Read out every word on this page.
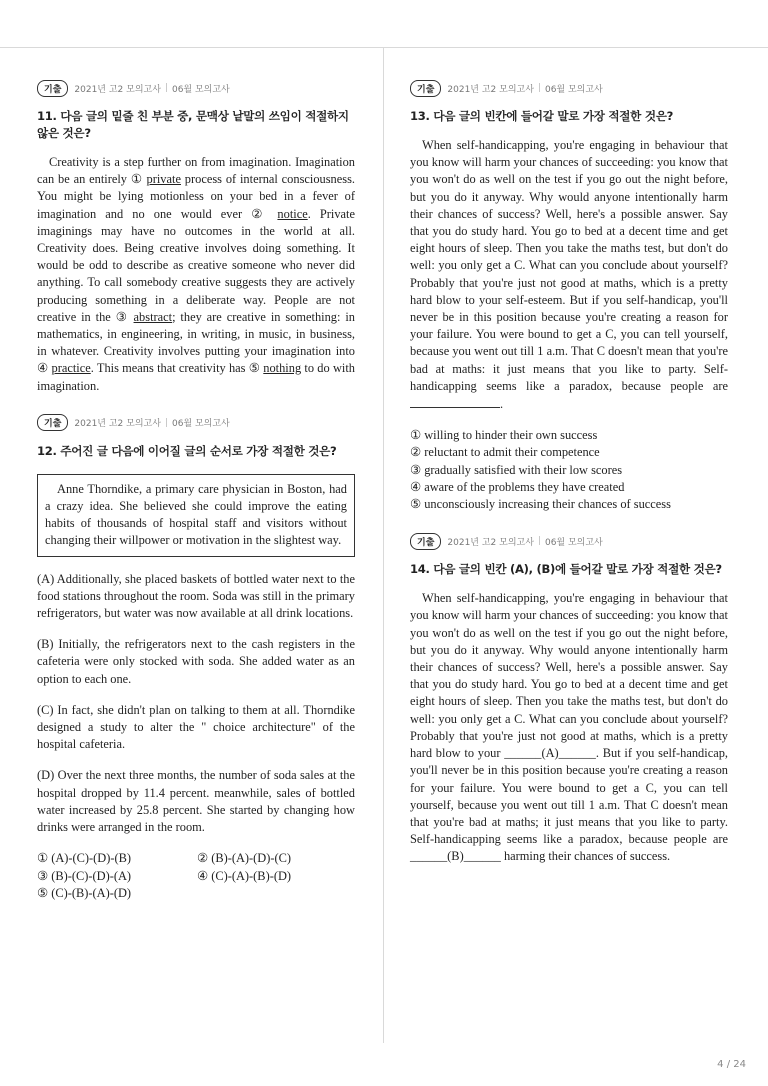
기출	2021년 고2 모의고사 | 06월 모의고사
11. 다음 글의 밑줄 친 부분 중, 문맥상 낱말의 쓰임이 적절하지 않은 것은?

Creativity is a step further on from imagination. Imagination can be an entirely ① private process of internal consciousness. You might be lying motionless on your bed in a fever of imagination and no one would ever ② notice. Private imaginings may have no outcomes in the world at all. Creativity does. Being creative involves doing something. It would be odd to describe as creative someone who never did anything. To call somebody creative suggests they are actively producing something in a deliberate way. People are not creative in the ③ abstract; they are creative in something: in mathematics, in engineering, in writing, in music, in business, in whatever. Creativity involves putting your imagination into ④ practice. This means that creativity has ⑤ nothing to do with imagination.

기출	2021년 고2 모의고사 | 06월 모의고사
12. 주어진 글 다음에 이어질 글의 순서로 가장 적절한 것은?

Anne Thorndike, a primary care physician in Boston, had a crazy idea. She believed she could improve the eating habits of thousands of hospital staff and visitors without changing their willpower or motivation in the slightest way.

(A) Additionally, she placed baskets of bottled water next to the food stations throughout the room. Soda was still in the primary refrigerators, but water was now available at all drink locations.

(B) Initially, the refrigerators next to the cash registers in the cafeteria were only stocked with soda. She added water as an option to each one.

(C) In fact, she didn't plan on talking to them at all. Thorndike designed a study to alter the " choice architecture" of the hospital cafeteria.

(D) Over the next three months, the number of soda sales at the hospital dropped by 11.4 percent. meanwhile, sales of bottled water increased by 25.8 percent. She started by changing how drinks were arranged in the room.

① (A)-(C)-(D)-(B)	② (B)-(A)-(D)-(C)
③ (B)-(C)-(D)-(A)	④ (C)-(A)-(B)-(D)
⑤ (C)-(B)-(A)-(D)
기출	2021년 고2 모의고사 | 06월 모의고사
13. 다음 글의 빈칸에 들어갈 말로 가장 적절한 것은?

When self-handicapping, you're engaging in behaviour that you know will harm your chances of succeeding: you know that you won't do as well on the test if you go out the night before, but you do it anyway. Why would anyone intentionally harm their chances of success? Well, here's a possible answer. Say that you do study hard. You go to bed at a decent time and get eight hours of sleep. Then you take the maths test, but don't do well: you only get a C. What can you conclude about yourself? Probably that you're just not good at maths, which is a pretty hard blow to your self-esteem. But if you self-handicap, you'll never be in this position because you're creating a reason for your failure. You were bound to get a C, you can tell yourself, because you went out till 1 a.m. That C doesn't mean that you're bad at maths: it just means that you like to party. Self-handicapping seems like a paradox, because people are .

① willing to hinder their own success
② reluctant to admit their competence
③ gradually satisfied with their low scores
④ aware of the problems they have created
⑤ unconsciously increasing their chances of success
기출	2021년 고2 모의고사 | 06월 모의고사
14. 다음 글의 빈칸 (A), (B)에 들어갈 말로 가장 적절한 것은?

When self-handicapping, you're engaging in behaviour that you know will harm your chances of succeeding: you know that you won't do as well on the test if you go out the night before, but you do it anyway. Why would anyone intentionally harm their chances of success? Well, here's a possible answer. Say that you do study hard. You go to bed at a decent time and get eight hours of sleep. Then you take the maths test, but don't do well: you only get a C. What can you conclude about yourself? Probably that you're just not good at maths, which is a pretty hard blow to your ______(A)______. But if you self-handicap, you'll never be in this position because you're creating a reason for your failure. You were bound to get a C, you can tell yourself, because you went out till 1 a.m. That C doesn't mean that you're bad at maths; it just means that you like to party. Self-handicapping seems like a paradox, because people are ______(B)______ harming their chances of success.

4 / 24
